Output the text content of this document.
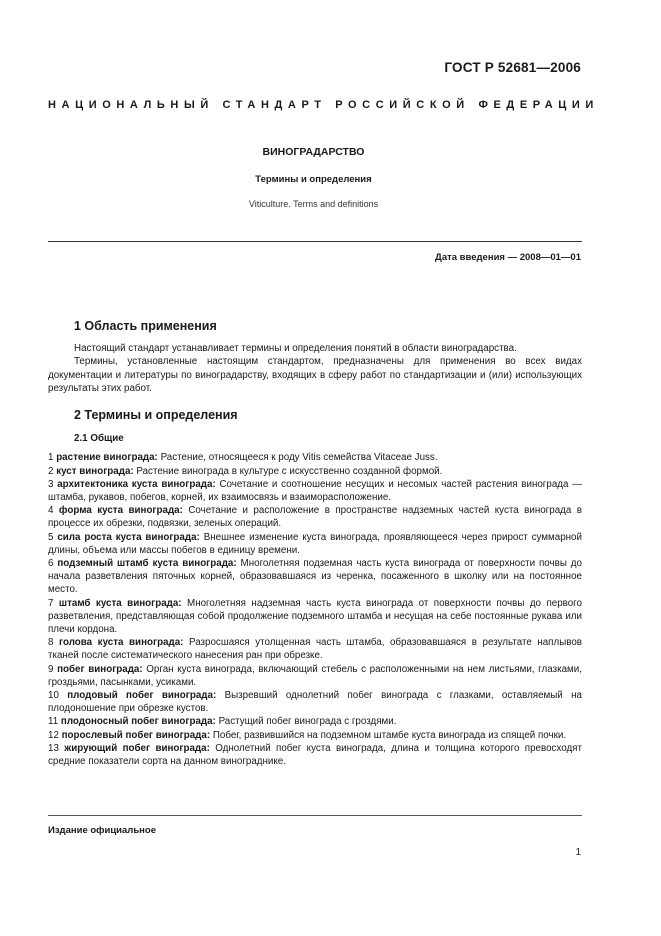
ГОСТ Р 52681—2006
НАЦИОНАЛЬНЫЙ СТАНДАРТ РОССИЙСКОЙ ФЕДЕРАЦИИ
ВИНОГРАДАРСТВО
Термины и определения
Viticulture. Terms and definitions
Дата введения — 2008—01—01
1 Область применения

Настоящий стандарт устанавливает термины и определения понятий в области виноградарства.

Термины, установленные настоящим стандартом, предназначены для применения во всех видах документации и литературы по виноградарству, входящих в сферу работ по стандартизации и (или) использующих результаты этих работ.

2 Термины и определения
2.1 Общие

1 растение винограда: Растение, относящееся к роду Vitis семейства Vitaceae Juss.

2 куст винограда: Растение винограда в культуре с искусственно созданной формой.

3 архитектоника куста винограда: Сочетание и соотношение несущих и несомых частей растения винограда — штамба, рукавов, побегов, корней, их взаимосвязь и взаиморасположение.

4 форма куста винограда: Сочетание и расположение в пространстве надземных частей куста винограда в процессе их обрезки, подвязки, зеленых операций.

5 сила роста куста винограда: Внешнее изменение куста винограда, проявляющееся через прирост суммарной длины, объема или массы побегов в единицу времени.

6 подземный штамб куста винограда: Многолетняя подземная часть куста винограда от поверхности почвы до начала разветвления пяточных корней, образовавшаяся из черенка, посаженного в школку или на постоянное место.

7 штамб куста винограда: Многолетняя надземная часть куста винограда от поверхности почвы до первого разветвления, представляющая собой продолжение подземного штамба и несущая на себе постоянные рукава или плечи кордона.

8 голова куста винограда: Разросшаяся утолщенная часть штамба, образовавшаяся в результате наплывов тканей после систематического нанесения ран при обрезке.

9 побег винограда: Орган куста винограда, включающий стебель с расположенными на нем листьями, глазками, гроздьями, пасынками, усиками.

10 плодовый побег винограда: Вызревший однолетний побег винограда с глазками, оставляемый на плодоношение при обрезке кустов.

11 плодоносный побег винограда: Растущий побег винограда с гроздями.

12 порослевый побег винограда: Побег, развившийся на подземном штамбе куста винограда из спящей почки.

13 жирующий побег винограда: Однолетний побег куста винограда, длина и толщина которого превосходят средние показатели сорта на данном винограднике.

Издание официальное
1
